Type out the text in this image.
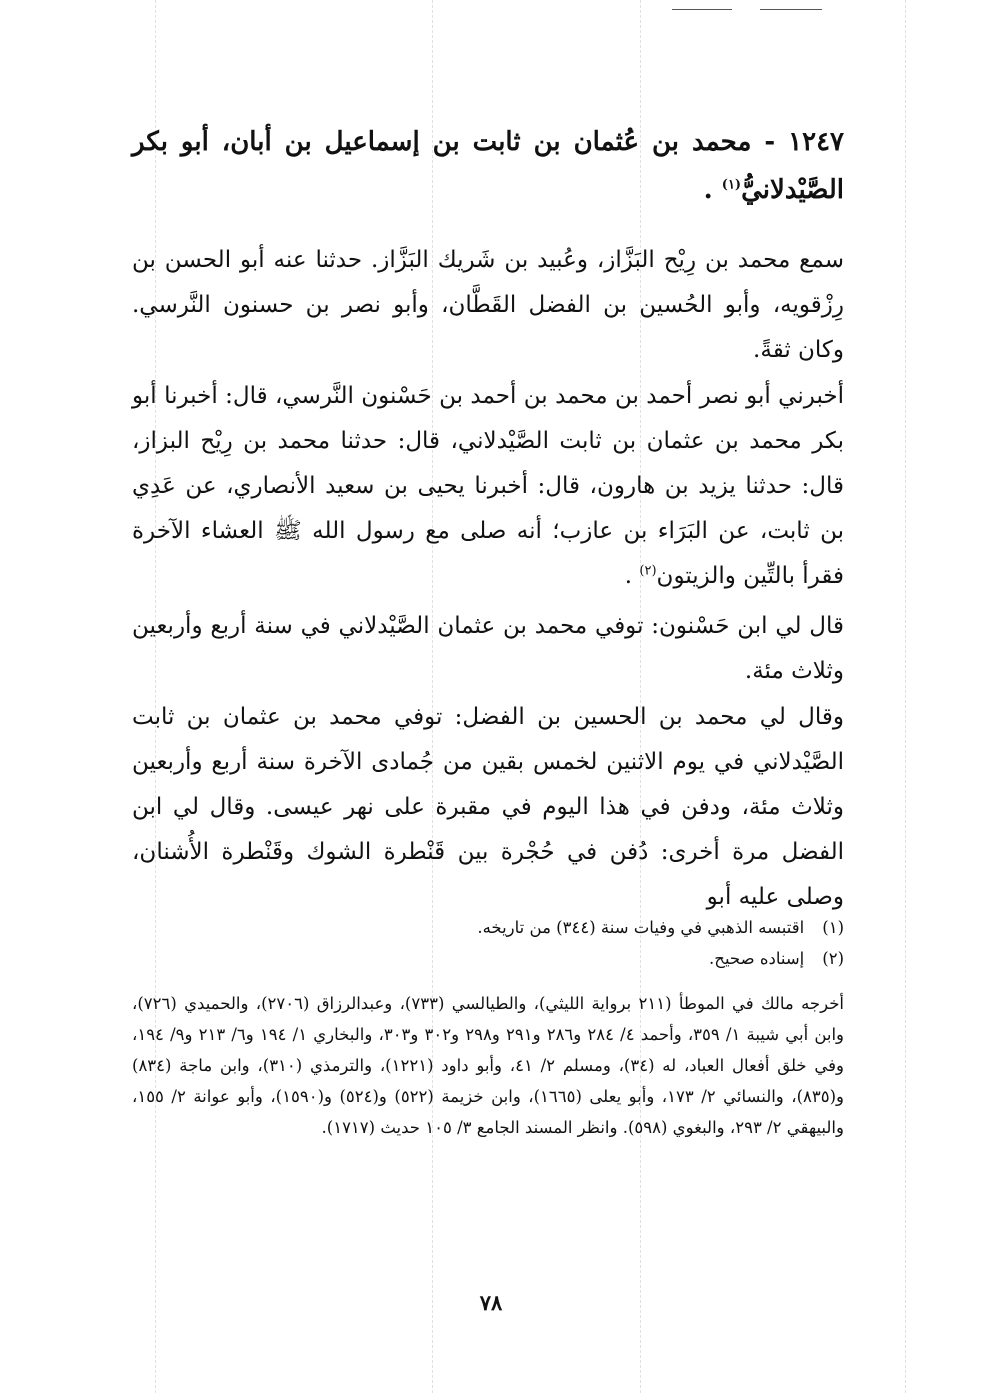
١٢٤٧ - محمد بن عُثمان بن ثابت بن إسماعيل بن أبان، أبو بكر الصَّيْدلانيُّ$^{(١)}$ .
سمع محمد بن رِيْح البَزَّاز، وعُبيد بن شَريك البَزَّاز. حدثنا عنه أبو الحسن بن رِزْقويه، وأبو الحُسين بن الفضل القَطَّان، وأبو نصر بن حسنون النَّرسي. وكان ثقةً.
أخبرني أبو نصر أحمد بن محمد بن أحمد بن حَسْنون النَّرسي، قال: أخبرنا أبو بكر محمد بن عثمان بن ثابت الصَّيْدلاني، قال: حدثنا محمد بن رِيْح البزاز، قال: حدثنا يزيد بن هارون، قال: أخبرنا يحيى بن سعيد الأنصاري، عن عَدِي بن ثابت، عن البَرَاء بن عازب؛ أنه صلى مع رسول الله ﷺ العشاء الآخرة فقرأ بالتِّين والزيتون$^{(٢)}$ .
قال لي ابن حَسْنون: توفي محمد بن عثمان الصَّيْدلاني في سنة أربع وأربعين وثلاث مئة.
وقال لي محمد بن الحسين بن الفضل: توفي محمد بن عثمان بن ثابت الصَّيْدلاني في يوم الاثنين لخمس بقين من جُمادى الآخرة سنة أربع وأربعين وثلاث مئة، ودفن في هذا اليوم في مقبرة على نهر عيسى. وقال لي ابن الفضل مرة أخرى: دُفن في حُجْرة بين قَنْطرة الشوك وقَنْطرة الأُشنان، وصلى عليه أبو
(١)
اقتبسه الذهبي في وفيات سنة (٣٤٤) من تاريخه.
(٢)
إسناده صحيح.
أخرجه مالك في الموطأ (٢١١ برواية الليثي)، والطيالسي (٧٣٣)، وعبدالرزاق (٢٧٠٦)، والحميدي (٧٢٦)، وابن أبي شيبة ١/ ٣٥٩، وأحمد ٤/ ٢٨٤ و٢٨٦ و٢٩١ و٢٩٨ و٣٠٢ و٣٠٣، والبخاري ١/ ١٩٤ و٦/ ٢١٣ و٩/ ١٩٤، وفي خلق أفعال العباد، له (٣٤)، ومسلم ٢/ ٤١، وأبو داود (١٢٢١)، والترمذي (٣١٠)، وابن ماجة (٨٣٤) و(٨٣٥)، والنسائي ٢/ ١٧٣، وأبو يعلى (١٦٦٥)، وابن خزيمة (٥٢٢) و(٥٢٤) و(١٥٩٠)، وأبو عوانة ٢/ ١٥٥، والبيهقي ٢/ ٢٩٣، والبغوي (٥٩٨). وانظر المسند الجامع ٣/ ١٠٥ حديث (١٧١٧).
٧٨
